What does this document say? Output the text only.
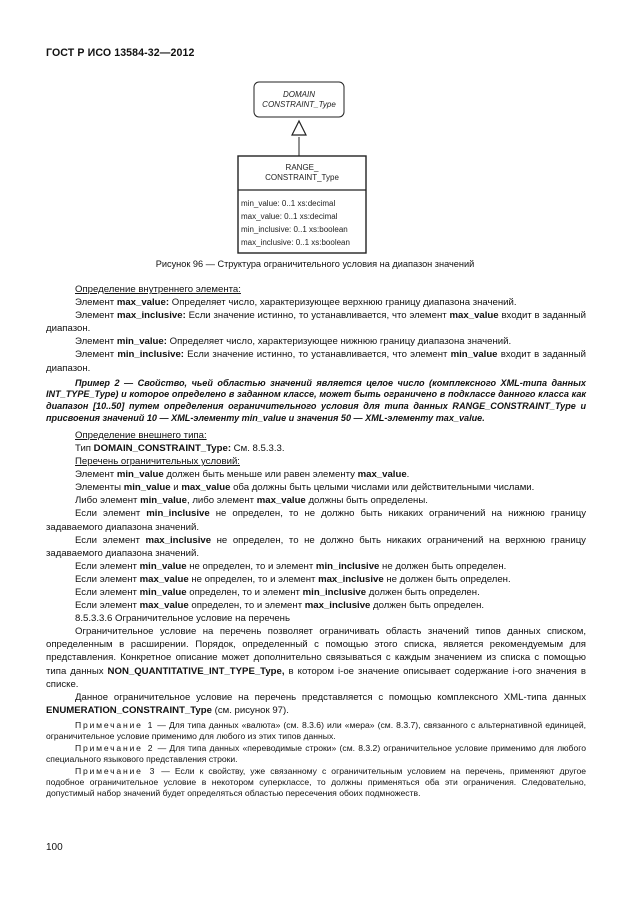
ГОСТ Р ИСО 13584-32—2012
DOMAIN
CONSTRAINT_Type
RANGE_
CONSTRAINT_Type
min_value: 0..1 xs:decimal
max_value: 0..1 xs:decimal
min_inclusive: 0..1 xs:boolean
max_inclusive: 0..1 xs:boolean
Рисунок 96 — Структура ограничительного условия на диапазон значений

Определение внутреннего элемента:

Элемент max_value: Определяет число, характеризующее верхнюю границу диапазона значений.

Элемент max_inclusive: Если значение истинно, то устанавливается, что элемент max_value входит в заданный диапазон.

Элемент min_value: Определяет число, характеризующее нижнюю границу диапазона значений.

Элемент min_inclusive: Если значение истинно, то устанавливается, что элемент min_value входит в заданный диапазон.

Пример 2 — Свойство, чьей областью значений является целое число (комплексного XML-типа данных INT_TYPE_Type) и которое определено в заданном классе, может быть ограничено в подклассе данного класса как диапазон [10..50] путем определения ограничительного условия для типа данных RANGE_CONSTRAINT_Type и присвоения значений 10 — XML-элементу min_value и значения 50 — XML-элементу max_value.

Определение внешнего типа:

Тип DOMAIN_CONSTRAINT_Type: См. 8.5.3.3.

Перечень ограничительных условий:

Элемент min_value должен быть меньше или равен элементу max_value.

Элементы min_value и max_value оба должны быть целыми числами или действительными числами.

Либо элемент min_value, либо элемент max_value должны быть определены.

Если элемент min_inclusive не определен, то не должно быть никаких ограничений на нижнюю границу задаваемого диапазона значений.

Если элемент max_inclusive не определен, то не должно быть никаких ограничений на верхнюю границу задаваемого диапазона значений.

Если элемент min_value не определен, то и элемент min_inclusive не должен быть определен.

Если элемент max_value не определен, то и элемент max_inclusive не должен быть определен.

Если элемент min_value определен, то и элемент min_inclusive должен быть определен.

Если элемент max_value определен, то и элемент max_inclusive должен быть определен.

8.5.3.3.6 Ограничительное условие на перечень

Ограничительное условие на перечень позволяет ограничивать область значений типов данных списком, определенным в расширении. Порядок, определенный с помощью этого списка, является рекомендуемым для представления. Конкретное описание может дополнительно связываться с каждым значением из списка с помощью типа данных NON_QUANTITATIVE_INT_TYPE_Type, в котором i-ое значение описывает содержание i-ого значения в списке.

Данное ограничительное условие на перечень представляется с помощью комплексного XML-типа данных ENUMERATION_CONSTRAINT_Type (см. рисунок 97).

Примечание 1 — Для типа данных «валюта» (см. 8.3.6) или «мера» (см. 8.3.7), связанного с альтернативной единицей, ограничительное условие применимо для любого из этих типов данных.

Примечание 2 — Для типа данных «переводимые строки» (см. 8.3.2) ограничительное условие применимо для любого специального языкового представления строки.

Примечание 3 — Если к свойству, уже связанному с ограничительным условием на перечень, применяют другое подобное ограничительное условие в некотором суперклассе, то должны применяться оба эти ограничения. Следовательно, допустимый набор значений будет определяться областью пересечения обоих подмножеств.

100
